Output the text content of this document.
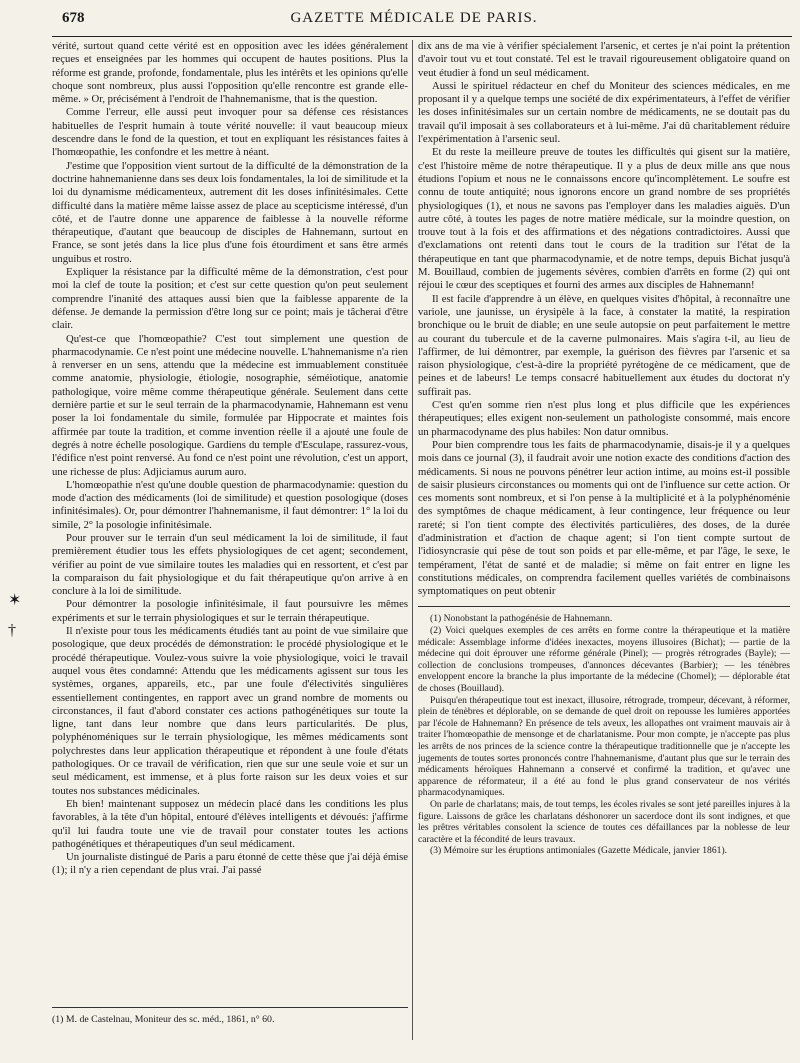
678	GAZETTE MÉDICALE DE PARIS.
✶
†

vérité, surtout quand cette vérité est en opposition avec les idées généralement reçues et enseignées par les hommes qui occupent de hautes positions. Plus la réforme est grande, profonde, fondamentale, plus les intérêts et les opinions qu'elle choque sont nombreux, plus aussi l'opposition qu'elle rencontre est grande elle-même. » Or, précisément à l'endroit de l'hahnemanisme, that is the question.

Comme l'erreur, elle aussi peut invoquer pour sa défense ces résistances habituelles de l'esprit humain à toute vérité nouvelle: il vaut beaucoup mieux descendre dans le fond de la question, et tout en expliquant les résistances faites à l'homœopathie, les confondre et les mettre à néant.

J'estime que l'opposition vient surtout de la difficulté de la démonstration de la doctrine hahnemanienne dans ses deux lois fondamentales, la loi de similitude et la loi du dynamisme médicamenteux, autrement dit les doses infinitésimales. Cette difficulté dans la matière même laisse assez de place au scepticisme intéressé, d'un côté, et de l'autre donne une apparence de faiblesse à la nouvelle réforme thérapeutique, d'autant que beaucoup de disciples de Hahnemann, surtout en France, se sont jetés dans la lice plus d'une fois étourdiment et sans être armés unguibus et rostro.

Expliquer la résistance par la difficulté même de la démonstration, c'est pour moi la clef de toute la position; et c'est sur cette question qu'on peut seulement comprendre l'inanité des attaques aussi bien que la faiblesse apparente de la défense. Je demande la permission d'être long sur ce point; mais je tâcherai d'être clair.

Qu'est-ce que l'homœopathie? C'est tout simplement une question de pharmacodynamie. Ce n'est point une médecine nouvelle. L'hahnemanisme n'a rien à renverser en un sens, attendu que la médecine est immuablement constituée comme anatomie, physiologie, étiologie, nosographie, séméiotique, anatomie pathologique, voire même comme thérapeutique générale. Seulement dans cette dernière partie et sur le seul terrain de la pharmacodynamie, Hahnemann est venu poser la loi fondamentale du simile, formulée par Hippocrate et maintes fois affirmée par toute la tradition, et comme invention réelle il a ajouté une foule de degrés à notre échelle posologique. Gardiens du temple d'Esculape, rassurez-vous, l'édifice n'est point renversé. Au fond ce n'est point une révolution, c'est un apport, une richesse de plus: Adjiciamus aurum auro.

L'homœopathie n'est qu'une double question de pharmacodynamie: question du mode d'action des médicaments (loi de similitude) et question posologique (doses infinitésimales). Or, pour démontrer l'hahnemanisme, il faut démontrer: 1° la loi du simile, 2° la posologie infinitésimale.

Pour prouver sur le terrain d'un seul médicament la loi de similitude, il faut premièrement étudier tous les effets physiologiques de cet agent; secondement, vérifier au point de vue similaire toutes les maladies qui en ressortent, et c'est par la comparaison du fait physiologique et du fait thérapeutique qu'on arrive à en conclure à la loi de similitude.

Pour démontrer la posologie infinitésimale, il faut poursuivre les mêmes expériments et sur le terrain physiologiques et sur le terrain thérapeutique.

Il n'existe pour tous les médicaments étudiés tant au point de vue similaire que posologique, que deux procédés de démonstration: le procédé physiologique et le procédé thérapeutique. Voulez-vous suivre la voie physiologique, voici le travail auquel vous êtes condamné: Attendu que les médicaments agissent sur tous les systèmes, organes, appareils, etc., par une foule d'électivités singulières essentiellement contingentes, en rapport avec un grand nombre de moments ou circonstances, il faut d'abord constater ces actions pathogénétiques sur toute la ligne, tant dans leur nombre que dans leurs particularités. De plus, polyphénoméniques sur le terrain physiologique, les mêmes médicaments sont polychrestes dans leur application thérapeutique et répondent à une foule d'états pathologiques. Or ce travail de vérification, rien que sur une seule voie et sur un seul médicament, est immense, et à plus forte raison sur les deux voies et sur toutes nos substances médicinales.

Eh bien! maintenant supposez un médecin placé dans les conditions les plus favorables, à la tête d'un hôpital, entouré d'élèves intelligents et dévoués: j'affirme qu'il lui faudra toute une vie de travail pour constater toutes les actions pathogénétiques et thérapeutiques d'un seul médicament.

Un journaliste distingué de Paris a paru étonné de cette thèse que j'ai déjà émise (1); il n'y a rien cependant de plus vrai. J'ai passé

(1) M. de Castelnau, Moniteur des sc. méd., 1861, n° 60.

dix ans de ma vie à vérifier spécialement l'arsenic, et certes je n'ai point la prétention d'avoir tout vu et tout constaté. Tel est le travail rigoureusement obligatoire quand on veut étudier à fond un seul médicament.

Aussi le spirituel rédacteur en chef du Moniteur des sciences médicales, en me proposant il y a quelque temps une société de dix expérimentateurs, à l'effet de vérifier les doses infinitésimales sur un certain nombre de médicaments, ne se doutait pas du travail qu'il imposait à ses collaborateurs et à lui-même. J'ai dû charitablement réduire l'expérimentation à l'arsenic seul.

Et du reste la meilleure preuve de toutes les difficultés qui gisent sur la matière, c'est l'histoire même de notre thérapeutique. Il y a plus de deux mille ans que nous étudions l'opium et nous ne le connaissons encore qu'incomplètement. Le soufre est connu de toute antiquité; nous ignorons encore un grand nombre de ses propriétés physiologiques (1), et nous ne savons pas l'employer dans les maladies aiguës. D'un autre côté, à toutes les pages de notre matière médicale, sur la moindre question, on trouve tout à la fois et des affirmations et des négations contradictoires. Aussi que d'exclamations ont retenti dans tout le cours de la tradition sur l'état de la thérapeutique en tant que pharmacodynamie, et de notre temps, depuis Bichat jusqu'à M. Bouillaud, combien de jugements sévères, combien d'arrêts en forme (2) qui ont réjoui le cœur des sceptiques et fourni des armes aux disciples de Hahnemann!

Il est facile d'apprendre à un élève, en quelques visites d'hôpital, à reconnaître une variole, une jaunisse, un érysipèle à la face, à constater la matité, la respiration bronchique ou le bruit de diable; en une seule autopsie on peut parfaitement le mettre au courant du tubercule et de la caverne pulmonaires. Mais s'agira t-il, au lieu de l'affirmer, de lui démontrer, par exemple, la guérison des fièvres par l'arsenic et sa raison physiologique, c'est-à-dire la propriété pyrétogène de ce médicament, que de peines et de labeurs! Le temps consacré habituellement aux études du doctorat n'y suffirait pas.

C'est qu'en somme rien n'est plus long et plus difficile que les expériences thérapeutiques; elles exigent non-seulement un pathologiste consommé, mais encore un pharmacodyname des plus habiles: Non datur omnibus.

Pour bien comprendre tous les faits de pharmacodynamie, disais-je il y a quelques mois dans ce journal (3), il faudrait avoir une notion exacte des conditions d'action des médicaments. Si nous ne pouvons pénétrer leur action intime, au moins est-il possible de saisir plusieurs circonstances ou moments qui ont de l'influence sur cette action. Or ces moments sont nombreux, et si l'on pense à la multiplicité et à la polyphénoménie des symptômes de chaque médicament, à leur contingence, leur fréquence ou leur rareté; si l'on tient compte des électivités particulières, des doses, de la durée d'administration et d'action de chaque agent; si l'on tient compte surtout de l'idiosyncrasie qui pèse de tout son poids et par elle-même, et par l'âge, le sexe, le tempérament, l'état de santé et de maladie; si même on fait entrer en ligne les constitutions médicales, on comprendra facilement quelles variétés de combinaisons symptomatiques on peut obtenir

(1) Nonobstant la pathogénésie de Hahnemann.

(2) Voici quelques exemples de ces arrêts en forme contre la thérapeutique et la matière médicale: Assemblage informe d'idées inexactes, moyens illusoires (Bichat); — partie de la médecine qui doit éprouver une réforme générale (Pinel); — progrès rétrogrades (Bayle); — collection de conclusions trompeuses, d'annonces décevantes (Barbier); — les ténèbres enveloppent encore la branche la plus importante de la médecine (Chomel); — déplorable état de choses (Bouillaud).

Puisqu'en thérapeutique tout est inexact, illusoire, rétrograde, trompeur, décevant, à réformer, plein de ténèbres et déplorable, on se demande de quel droit on repousse les lumières apportées par l'école de Hahnemann? En présence de tels aveux, les allopathes ont vraiment mauvais air à traiter l'homœopathie de mensonge et de charlatanisme. Pour mon compte, je n'accepte pas plus les arrêts de nos princes de la science contre la thérapeutique traditionnelle que je n'accepte les jugements de toutes sortes prononcés contre l'hahnemanisme, d'autant plus que sur le terrain des médicaments héroïques Hahnemann a conservé et confirmé la tradition, et qu'avec une apparence de réformateur, il a été au fond le plus grand conservateur de nos vérités pharmacodynamiques.

On parle de charlatans; mais, de tout temps, les écoles rivales se sont jeté pareilles injures à la figure. Laissons de grâce les charlatans déshonorer un sacerdoce dont ils sont indignes, et que les prêtres véritables consolent la science de toutes ces défaillances par la noblesse de leur caractère et la fécondité de leurs travaux.

(3) Mémoire sur les éruptions antimoniales (Gazette Médicale, janvier 1861).
